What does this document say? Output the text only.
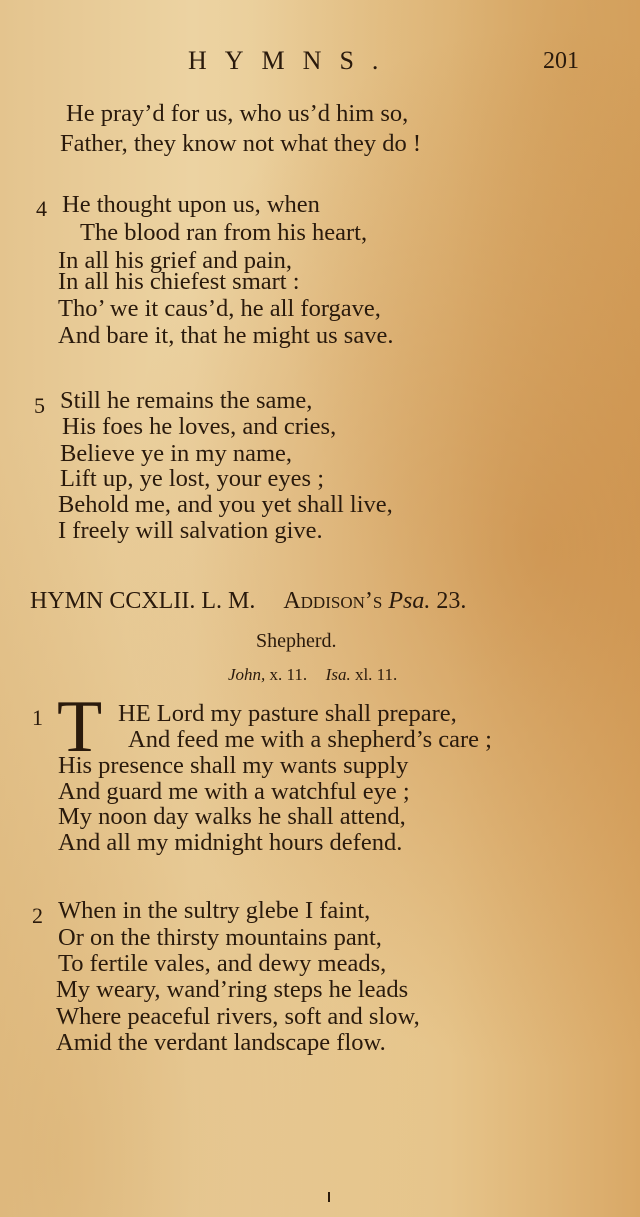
HYMNS.	201
He pray’d for us, who us’d him so,
Father, they know not what they do !
4 He thought upon us, when
The blood ran from his heart,
In all his grief and pain,
In all his chiefest smart :
Tho’ we it caus’d, he all forgave,
And bare it, that he might us save.
5 Still he remains the same,
His foes he loves, and cries,
Believe ye in my name,
Lift up, ye lost, your eyes ;
Behold me, and you yet shall live,
I freely will salvation give.
HYMN CCXLII. L. M. Addison’s Psa. 23.
Shepherd.
John, x. 11. Isa. xl. 11.
1 T HE Lord my pasture shall prepare,
And feed me with a shepherd’s care ;
His presence shall my wants supply
And guard me with a watchful eye ;
My noon day walks he shall attend,
And all my midnight hours defend.
2 When in the sultry glebe I faint,
Or on the thirsty mountains pant,
To fertile vales, and dewy meads,
My weary, wand’ring steps he leads
Where peaceful rivers, soft and slow,
Amid the verdant landscape flow.
